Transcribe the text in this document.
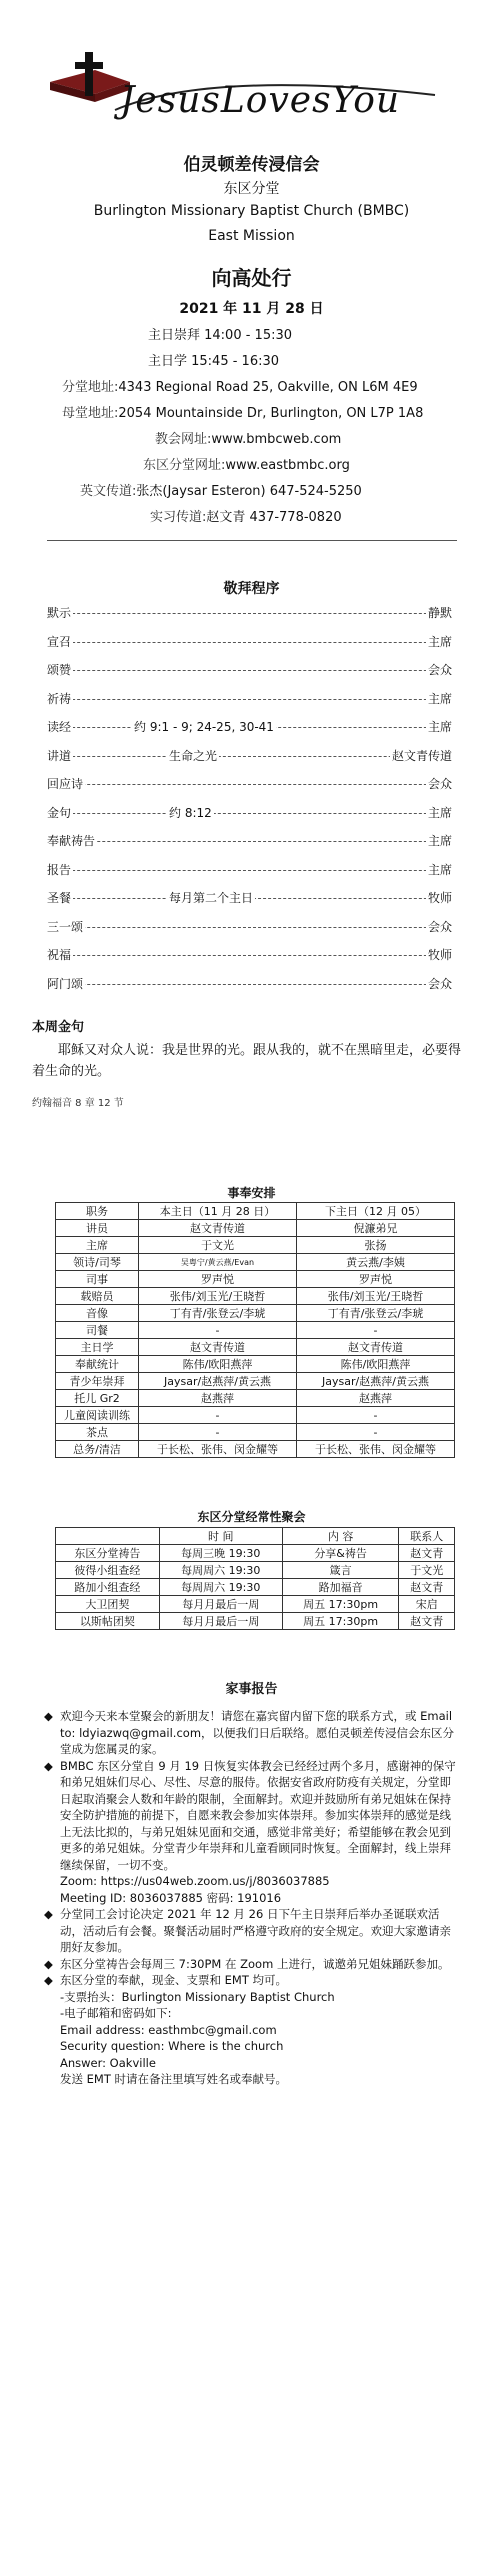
JesusLovesYou
伯灵顿差传浸信会
东区分堂
Burlington Missionary Baptist Church (BMBC)
East Mission
向高处行
2021 年 11 月 28 日
主日崇拜 14:00 - 15:30
主日学 15:45 - 16:30
分堂地址:4343 Regional Road 25, Oakville, ON L6M 4E9
母堂地址:2054 Mountainside Dr, Burlington, ON L7P 1A8
教会网址:www.bmbcweb.com
东区分堂网址:www.eastbmbc.org
英文传道:张杰(Jaysar Esteron) 647-524-5250
实习传道:赵文青 437-778-0820
敬拜程序
默示	静默
宣召	主席
颂赞	会众
祈祷	主席
读经	约 9:1 - 9; 24-25, 30-41	主席
讲道	生命之光	赵文青传道
回应诗	会众
金句	约 8:12	主席
奉献祷告	主席
报告	主席
圣餐	每月第二个主日	牧师
三一颂	会众
祝福	牧师
阿门颂	会众
本周金句
耶稣又对众人说：我是世界的光。跟从我的，就不在黑暗里走，必要得着生命的光。
约翰福音 8 章 12 节
事奉安排
职务	本主日（11 月 28 日）	下主日（12 月 05）
讲员	赵文青传道	倪濂弟兄
主席	于文光	张扬
领诗/司琴	吴粤宁/黄云燕/Evan	黄云燕/李姨
司事	罗声悦	罗声悦
载赔员	张伟/刘玉光/王晓哲	张伟/刘玉光/王晓哲
音像	丁有青/张登云/李琥	丁有青/张登云/李琥
司餐	-	-
主日学	赵文青传道	赵文青传道
奉献统计	陈伟/欧阳燕萍	陈伟/欧阳燕萍
青少年崇拜	Jaysar/赵燕萍/黄云燕	Jaysar/赵燕萍/黄云燕
托儿 Gr2	赵燕萍	赵燕萍
儿童阅读训练	-	-
茶点	-	-
总务/清洁	于长松、张伟、闵金耀等	于长松、张伟、闵金耀等
东区分堂经常性聚会
	时 间	内 容	联系人
东区分堂祷告	每周三晚 19:30	分享&祷告	赵文青
彼得小组查经	每周周六 19:30	箴言	于文光
路加小组查经	每周周六 19:30	路加福音	赵文青
大卫团契	每月月最后一周	周五 17:30pm	宋启
以斯帖团契	每月月最后一周	周五 17:30pm	赵文青
家事报告
◆ 欢迎今天来本堂聚会的新朋友！请您在嘉宾留内留下您的联系方式，或 Email to: ldyiazwq@gmail.com，以便我们日后联络。愿伯灵顿差传浸信会东区分堂成为您属灵的家。

◆ BMBC 东区分堂自 9 月 19 日恢复实体教会已经经过两个多月，感谢神的保守和弟兄姐妹们尽心、尽性、尽意的服侍。依据安省政府防疫有关规定，分堂即日起取消聚会人数和年龄的限制，全面解封。欢迎并鼓励所有弟兄姐妹在保持安全防护措施的前提下，自愿来教会参加实体崇拜。参加实体崇拜的感觉是线上无法比拟的，与弟兄姐妹见面和交通，感觉非常美好；希望能够在教会见到更多的弟兄姐妹。分堂青少年崇拜和儿童看顾同时恢复。全面解封，线上崇拜继续保留，一切不变。

Zoom: https://us04web.zoom.us/j/8036037885

Meeting ID: 8036037885 密码: 191016

◆ 分堂同工会讨论决定 2021 年 12 月 26 日下午主日崇拜后举办圣诞联欢活动，活动后有会餐。聚餐活动届时严格遵守政府的安全规定。欢迎大家邀请亲朋好友参加。

◆ 东区分堂祷告会每周三 7:30PM 在 Zoom 上进行，诚邀弟兄姐妹踊跃参加。

◆ 东区分堂的奉献，现金、支票和 EMT 均可。

-支票抬头：Burlington Missionary Baptist Church

-电子邮箱和密码如下:

Email address: easthmbc@gmail.com

Security question: Where is the church

Answer: Oakville

发送 EMT 时请在备注里填写姓名或奉献号。
